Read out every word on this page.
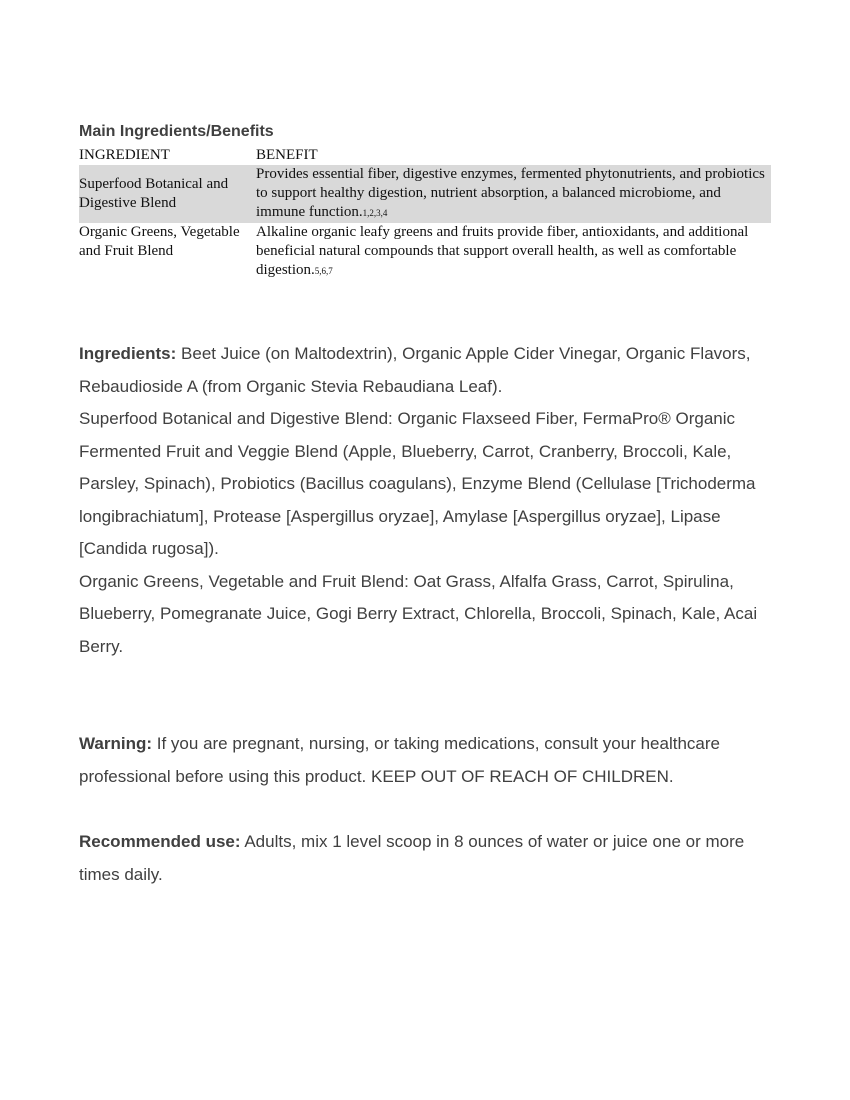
Main Ingredients/Benefits
INGREDIENT	BENEFIT
Superfood Botanical and Digestive Blend	Provides essential fiber, digestive enzymes, fermented phytonutrients, and probiotics to support healthy digestion, nutrient absorption, a balanced microbiome, and immune function.1,2,3,4
Organic Greens, Vegetable and Fruit Blend	Alkaline organic leafy greens and fruits provide fiber, antioxidants, and additional beneficial natural compounds that support overall health, as well as comfortable digestion.5,6,7

Ingredients: Beet Juice (on Maltodextrin), Organic Apple Cider Vinegar, Organic Flavors, Rebaudioside A (from Organic Stevia Rebaudiana Leaf).

Superfood Botanical and Digestive Blend: Organic Flaxseed Fiber, FermaPro® Organic Fermented Fruit and Veggie Blend (Apple, Blueberry, Carrot, Cranberry, Broccoli, Kale, Parsley, Spinach), Probiotics (Bacillus coagulans), Enzyme Blend (Cellulase [Trichoderma longibrachiatum], Protease [Aspergillus oryzae], Amylase [Aspergillus oryzae], Lipase [Candida rugosa]).

Organic Greens, Vegetable and Fruit Blend: Oat Grass, Alfalfa Grass, Carrot, Spirulina, Blueberry, Pomegranate Juice, Gogi Berry Extract, Chlorella, Broccoli, Spinach, Kale, Acai Berry.

Warning: If you are pregnant, nursing, or taking medications, consult your healthcare professional before using this product. KEEP OUT OF REACH OF CHILDREN.

Recommended use: Adults, mix 1 level scoop in 8 ounces of water or juice one or more times daily.
